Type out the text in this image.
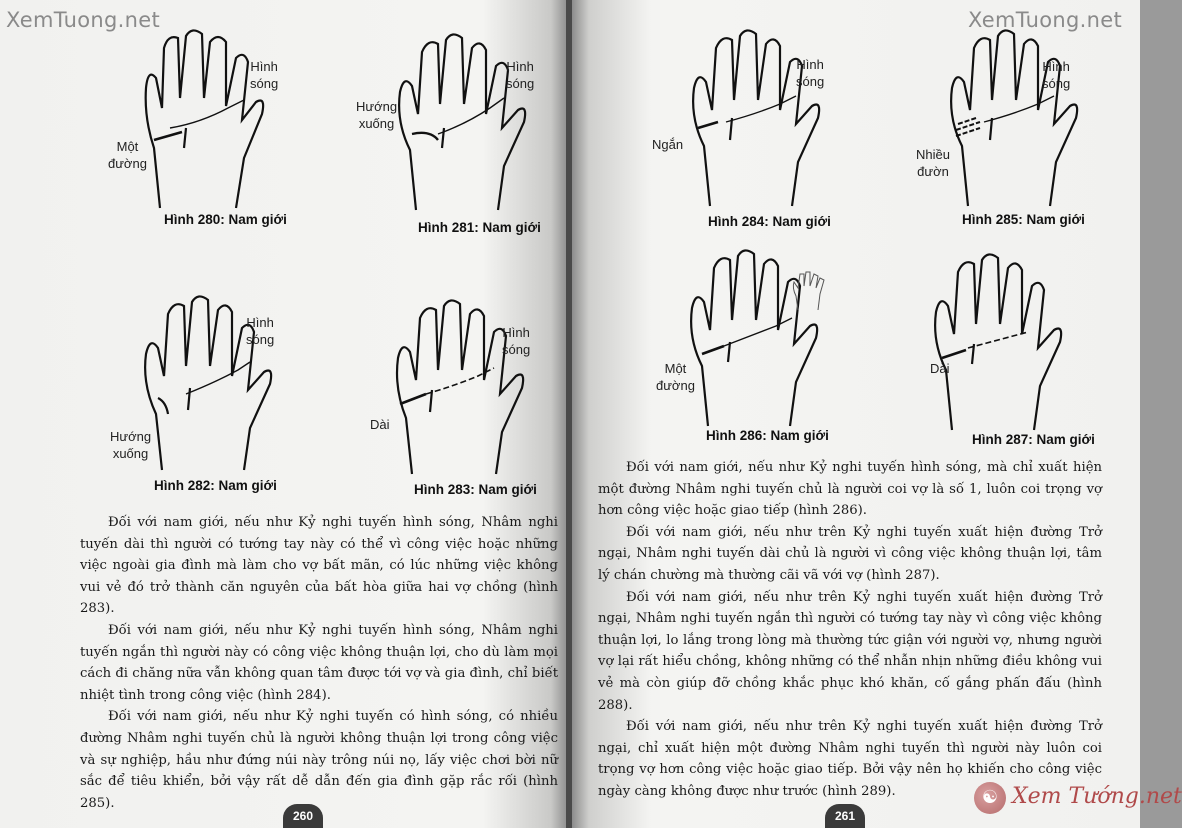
XemTuong.net
Hình
sóng
Một
đường
Hình 280: Nam giới
Hình
sóng
Hướng
xuống
Hình 281: Nam giới
Hình
sóng
Hướng
xuống
Hình 282: Nam giới
Hình
sóng
Dài
Hình 283: Nam giới

Đối với nam giới, nếu như Kỷ nghi tuyến hình sóng, Nhâm nghi tuyến dài thì người có tướng tay này có thể vì công việc hoặc những việc ngoài gia đình mà làm cho vợ bất mãn, có lúc những việc không vui vẻ đó trở thành căn nguyên của bất hòa giữa hai vợ chồng (hình 283).

Đối với nam giới, nếu như Kỷ nghi tuyến hình sóng, Nhâm nghi tuyến ngắn thì người này có công việc không thuận lợi, cho dù làm mọi cách đi chăng nữa vẫn không quan tâm được tới vợ và gia đình, chỉ biết nhiệt tình trong công việc (hình 284).

Đối với nam giới, nếu như Kỷ nghi tuyến có hình sóng, có nhiều đường Nhâm nghi tuyến chủ là người không thuận lợi trong công việc và sự nghiệp, hầu như đứng núi này trông núi nọ, lấy việc chơi bời nữ sắc để tiêu khiển, bởi vậy rất dễ dẫn đến gia đình gặp rắc rối (hình 285).

260
XemTuong.net
Hình
sóng
Ngắn
Hình 284: Nam giới
Hình
sóng
Nhiều
đườn
Hình 285: Nam giới
Một
đường
Hình 286: Nam giới
Dài
Hình 287: Nam giới

Đối với nam giới, nếu như Kỷ nghi tuyến hình sóng, mà chỉ xuất hiện một đường Nhâm nghi tuyến chủ là người coi vợ là số 1, luôn coi trọng vợ hơn công việc hoặc giao tiếp (hình 286).

Đối với nam giới, nếu như trên Kỷ nghi tuyến xuất hiện đường Trở ngại, Nhâm nghi tuyến dài chủ là người vì công việc không thuận lợi, tâm lý chán chường mà thường cãi vã với vợ (hình 287).

Đối với nam giới, nếu như trên Kỷ nghi tuyến xuất hiện đường Trở ngại, Nhâm nghi tuyến ngắn thì người có tướng tay này vì công việc không thuận lợi, lo lắng trong lòng mà thường tức giận với người vợ, nhưng người vợ lại rất hiểu chồng, không những có thể nhẫn nhịn những điều không vui vẻ mà còn giúp đỡ chồng khắc phục khó khăn, cố gắng phấn đấu (hình 288).

Đối với nam giới, nếu như trên Kỷ nghi tuyến xuất hiện đường Trở ngại, chỉ xuất hiện một đường Nhâm nghi tuyến thì người này luôn coi trọng vợ hơn công việc hoặc giao tiếp. Bởi vậy nên họ khiến cho công việc ngày càng không được như trước (hình 289).

261
☯ Xem Tướng.net
